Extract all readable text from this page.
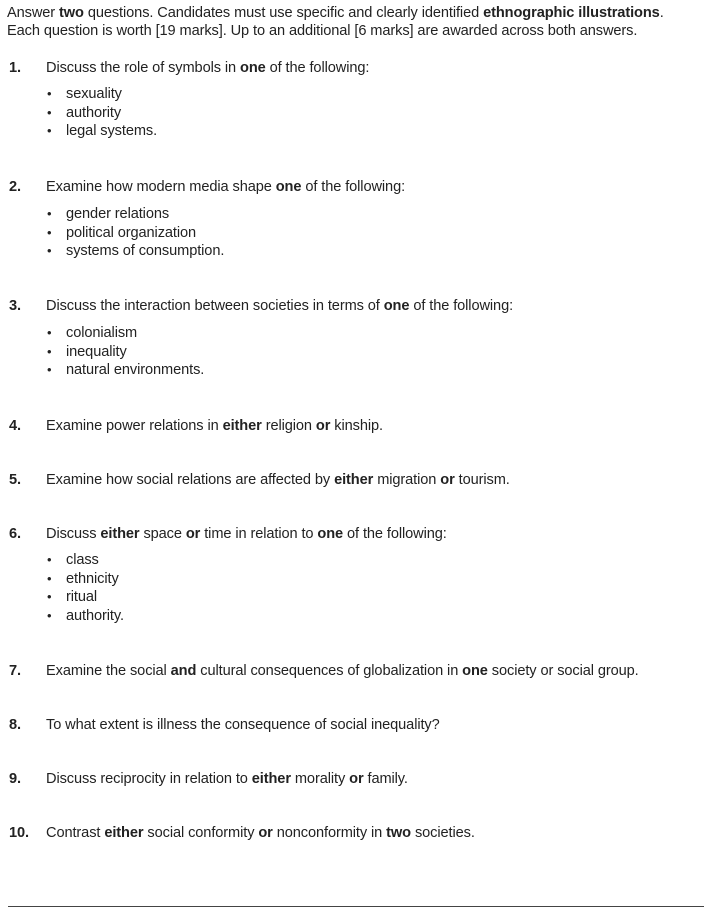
Answer two questions. Candidates must use specific and clearly identified ethnographic illustrations.

Each question is worth [19 marks]. Up to an additional [6 marks] are awarded across both answers.

1. Discuss the role of symbols in one of the following:
• sexuality
• authority
• legal systems.
2. Examine how modern media shape one of the following:
• gender relations
• political organization
• systems of consumption.
3. Discuss the interaction between societies in terms of one of the following:
• colonialism
• inequality
• natural environments.
4. Examine power relations in either religion or kinship.
5. Examine how social relations are affected by either migration or tourism.
6. Discuss either space or time in relation to one of the following:
• class
• ethnicity
• ritual
• authority.
7. Examine the social and cultural consequences of globalization in one society or social group.
8. To what extent is illness the consequence of social inequality?
9. Discuss reciprocity in relation to either morality or family.
10. Contrast either social conformity or nonconformity in two societies.
